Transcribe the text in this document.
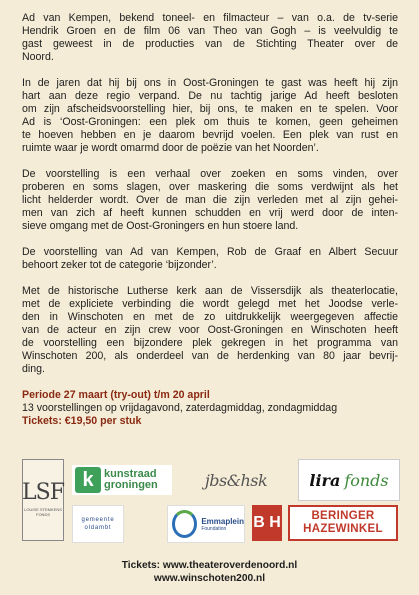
Ad van Kempen, bekend toneel- en filmacteur – van o.a. de tv-serie
Hendrik Groen en de film 06 van Theo van Gogh – is veelvuldig te
gast geweest in de producties van de Stichting Theater over de
Noord.

In de jaren dat hij bij ons in Oost-Groningen te gast was heeft hij zijn
hart aan deze regio verpand. De nu tachtig jarige Ad heeft besloten
om zijn afscheidsvoorstelling hier, bij ons, te maken en te spelen. Voor
Ad is ‘Oost-Groningen: een plek om thuis te komen, geen geheimen
te hoeven hebben en je daarom bevrijd voelen. Een plek van rust en
ruimte waar je wordt omarmd door de poëzie van het Noorden’.

De voorstelling is een verhaal over zoeken en soms vinden, over
proberen en soms slagen, over maskering die soms verdwijnt als het
licht helderder wordt. Over de man die zijn verleden met al zijn gehei-
men van zich af heeft kunnen schudden en vrij werd door de inten-
sieve omgang met de Oost-Groningers en hun stoere land.

De voorstelling van Ad van Kempen, Rob de Graaf en Albert Secuur
behoort zeker tot de categorie ‘bijzonder’.

Met de historische Lutherse kerk aan de Vissersdijk als theaterlocatie,
met de expliciete verbinding die wordt gelegd met het Joodse verle-
den in Winschoten en met de zo uitdrukkelijk weergegeven affectie
van de acteur en zijn crew voor Oost-Groningen en Winschoten heeft
de voorstelling een bijzondere plek gekregen in het programma van
Winschoten 200, als onderdeel van de herdenking van 80 jaar bevrij-
ding.

Periode 27 maart (try-out) t/m 20 april
13 voorstellingen op vrijdagavond, zaterdagmiddag, zondagmiddag
Tickets: €19,50 per stuk
LSF
LOUISE STEMKENS FONDS
k kunstraad
groningen	jbs&hsk	lira fonds
gemeente
oldambt
Emmaplein
Foundation	B H	BERINGER
HAZEWINKEL
Tickets: www.theateroverdenoord.nl
www.winschoten200.nl
